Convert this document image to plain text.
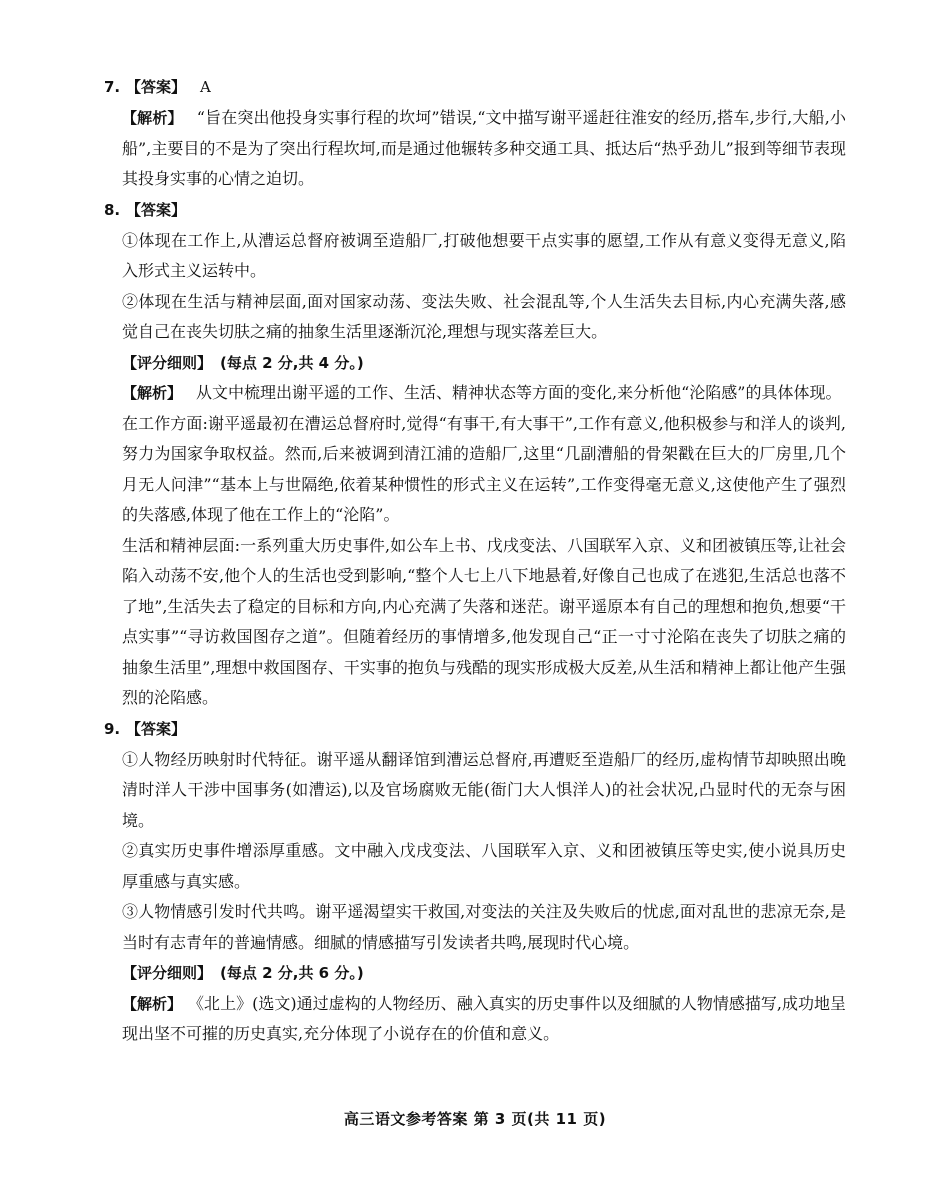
7. 【答案】 A

【解析】 “旨在突出他投身实事行程的坎坷”错误,“文中描写谢平遥赶往淮安的经历,搭车,步行,大船,小船”,主要目的不是为了突出行程坎坷,而是通过他辗转多种交通工具、抵达后“热乎劲儿”报到等细节表现其投身实事的心情之迫切。

8. 【答案】

①体现在工作上,从漕运总督府被调至造船厂,打破他想要干点实事的愿望,工作从有意义变得无意义,陷入形式主义运转中。

②体现在生活与精神层面,面对国家动荡、变法失败、社会混乱等,个人生活失去目标,内心充满失落,感觉自己在丧失切肤之痛的抽象生活里逐渐沉沦,理想与现实落差巨大。

【评分细则】 (每点 2 分,共 4 分。)

【解析】 从文中梳理出谢平遥的工作、生活、精神状态等方面的变化,来分析他“沦陷感”的具体体现。

在工作方面:谢平遥最初在漕运总督府时,觉得“有事干,有大事干”,工作有意义,他积极参与和洋人的谈判,努力为国家争取权益。然而,后来被调到清江浦的造船厂,这里“几副漕船的骨架戳在巨大的厂房里,几个月无人问津”“基本上与世隔绝,依着某种惯性的形式主义在运转”,工作变得毫无意义,这使他产生了强烈的失落感,体现了他在工作上的“沦陷”。

生活和精神层面:一系列重大历史事件,如公车上书、戊戌变法、八国联军入京、义和团被镇压等,让社会陷入动荡不安,他个人的生活也受到影响,“整个人七上八下地悬着,好像自己也成了在逃犯,生活总也落不了地”,生活失去了稳定的目标和方向,内心充满了失落和迷茫。谢平遥原本有自己的理想和抱负,想要“干点实事”“寻访救国图存之道”。但随着经历的事情增多,他发现自己“正一寸寸沦陷在丧失了切肤之痛的抽象生活里”,理想中救国图存、干实事的抱负与残酷的现实形成极大反差,从生活和精神上都让他产生强烈的沦陷感。

9. 【答案】

①人物经历映射时代特征。谢平遥从翻译馆到漕运总督府,再遭贬至造船厂的经历,虚构情节却映照出晚清时洋人干涉中国事务(如漕运),以及官场腐败无能(衙门大人惧洋人)的社会状况,凸显时代的无奈与困境。

②真实历史事件增添厚重感。文中融入戊戌变法、八国联军入京、义和团被镇压等史实,使小说具历史厚重感与真实感。

③人物情感引发时代共鸣。谢平遥渴望实干救国,对变法的关注及失败后的忧虑,面对乱世的悲凉无奈,是当时有志青年的普遍情感。细腻的情感描写引发读者共鸣,展现时代心境。

【评分细则】 (每点 2 分,共 6 分。)

【解析】 《北上》(选文)通过虚构的人物经历、融入真实的历史事件以及细腻的人物情感描写,成功地呈现出坚不可摧的历史真实,充分体现了小说存在的价值和意义。

高三语文参考答案 第 3 页(共 11 页)
